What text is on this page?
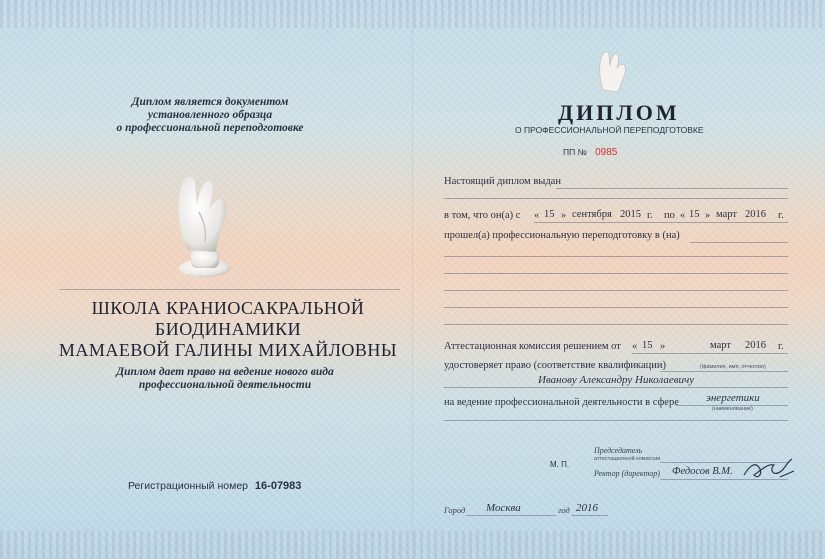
Диплом является документом
установленного образца
о профессиональной переподготовке
ШКОЛА КРАНИОСАКРАЛЬНОЙ
БИОДИНАМИКИ
МАМАЕВОЙ ГАЛИНЫ МИХАЙЛОВНЫ
Диплом дает право на ведение нового вида
профессиональной деятельности
Регистрационный номер 16-07983
ДИПЛОМ
О ПРОФЕССИОНАЛЬНОЙ ПЕРЕПОДГОТОВКЕ
ПП № 0985
Настоящий диплом выдан
в том, что он(а) с « 15 » сентября 2015 г. по « 15 » март 2016 г.
прошел(а) профессиональную переподготовку в (на)
Аттестационная комиссия решением от « 15 »	март 2016 г.
удостоверяет право (соответствие квалификации)	(фамилия, имя, отчество)
Иванову Александру Николаевичу
на ведение профессиональной деятельности в сфере энергетики
(наименование)
Председатель
аттестационной комиссии
М. П.
Ректор (директор) Федосов В.М.
Город Москва	год 2016
